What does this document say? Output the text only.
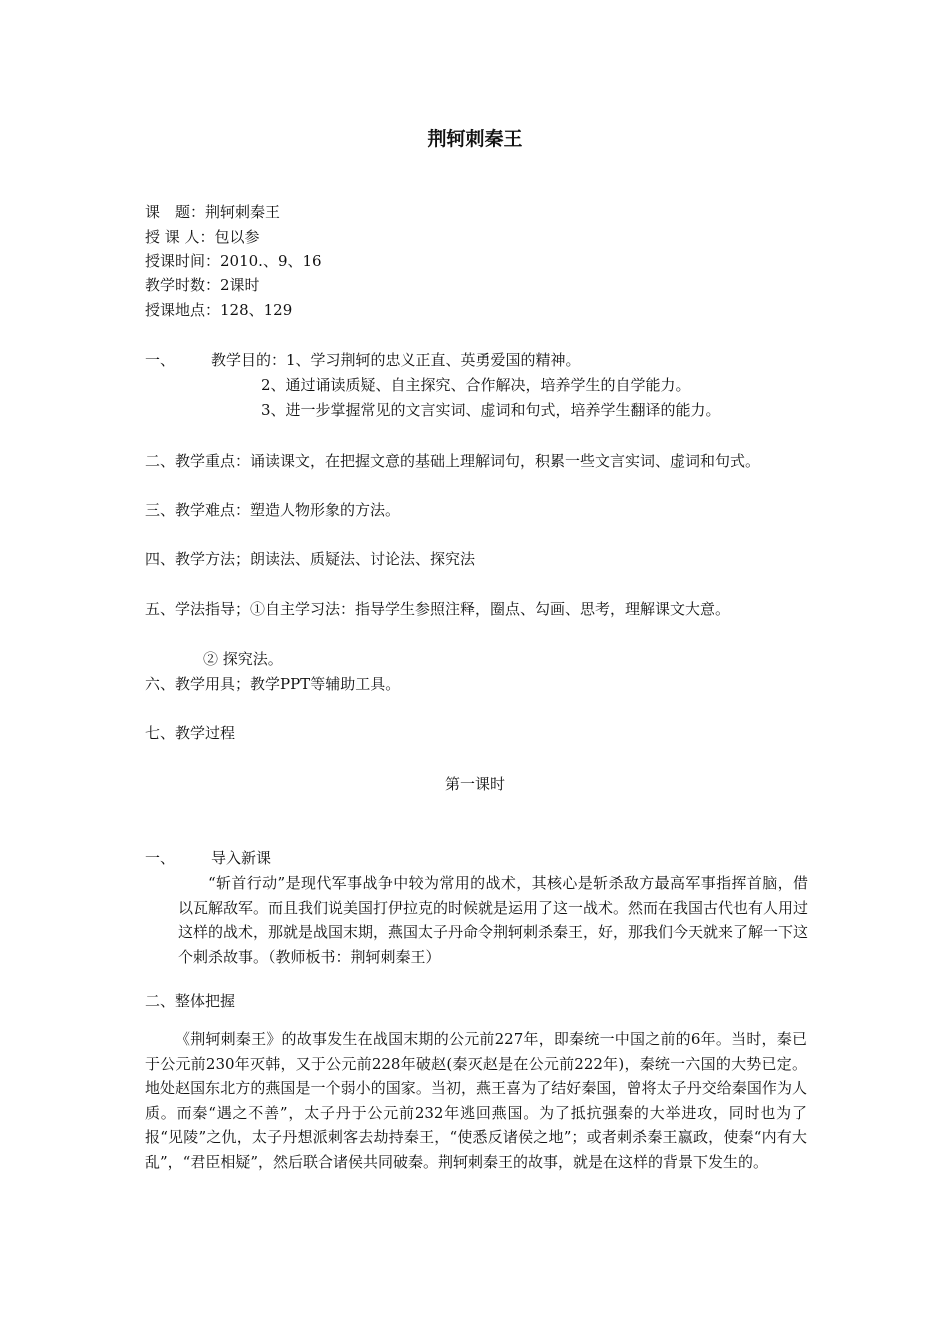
荆轲刺秦王
课　题：荆轲刺秦王
授 课 人：包以参
授课时间：2010.、9、16
教学时数：2课时
授课地点：128、129
一、 教学目的：1、学习荆轲的忠义正直、英勇爱国的精神。
2、通过诵读质疑、自主探究、合作解决，培养学生的自学能力。
3、进一步掌握常见的文言实词、虚词和句式，培养学生翻译的能力。
二、教学重点：诵读课文，在把握文意的基础上理解词句，积累一些文言实词、虚词和句式。
三、教学难点：塑造人物形象的方法。
四、教学方法；朗读法、质疑法、讨论法、探究法
五、学法指导；①自主学习法：指导学生参照注释，圈点、勾画、思考，理解课文大意。
② 探究法。
六、教学用具；教学PPT等辅助工具。
七、教学过程
第一课时
一、 导入新课
“斩首行动”是现代军事战争中较为常用的战术，其核心是斩杀敌方最高军事指挥首脑，借以瓦解敌军。而且我们说美国打伊拉克的时候就是运用了这一战术。然而在我国古代也有人用过这样的战术，那就是战国末期，燕国太子丹命令荆轲刺杀秦王，好，那我们今天就来了解一下这个刺杀故事。（教师板书：荆轲刺秦王）
二、整体把握
《荆轲刺秦王》的故事发生在战国末期的公元前227年，即秦统一中国之前的6年。当时，秦已于公元前230年灭韩，又于公元前228年破赵(秦灭赵是在公元前222年)，秦统一六国的大势已定。地处赵国东北方的燕国是一个弱小的国家。当初，燕王喜为了结好秦国，曾将太子丹交给秦国作为人质。而秦“遇之不善”，太子丹于公元前232年逃回燕国。为了抵抗强秦的大举进攻，同时也为了报“见陵”之仇，太子丹想派刺客去劫持秦王，“使悉反诸侯之地”；或者刺杀秦王嬴政，使秦“内有大乱”，“君臣相疑”，然后联合诸侯共同破秦。荆轲刺秦王的故事，就是在这样的背景下发生的。
